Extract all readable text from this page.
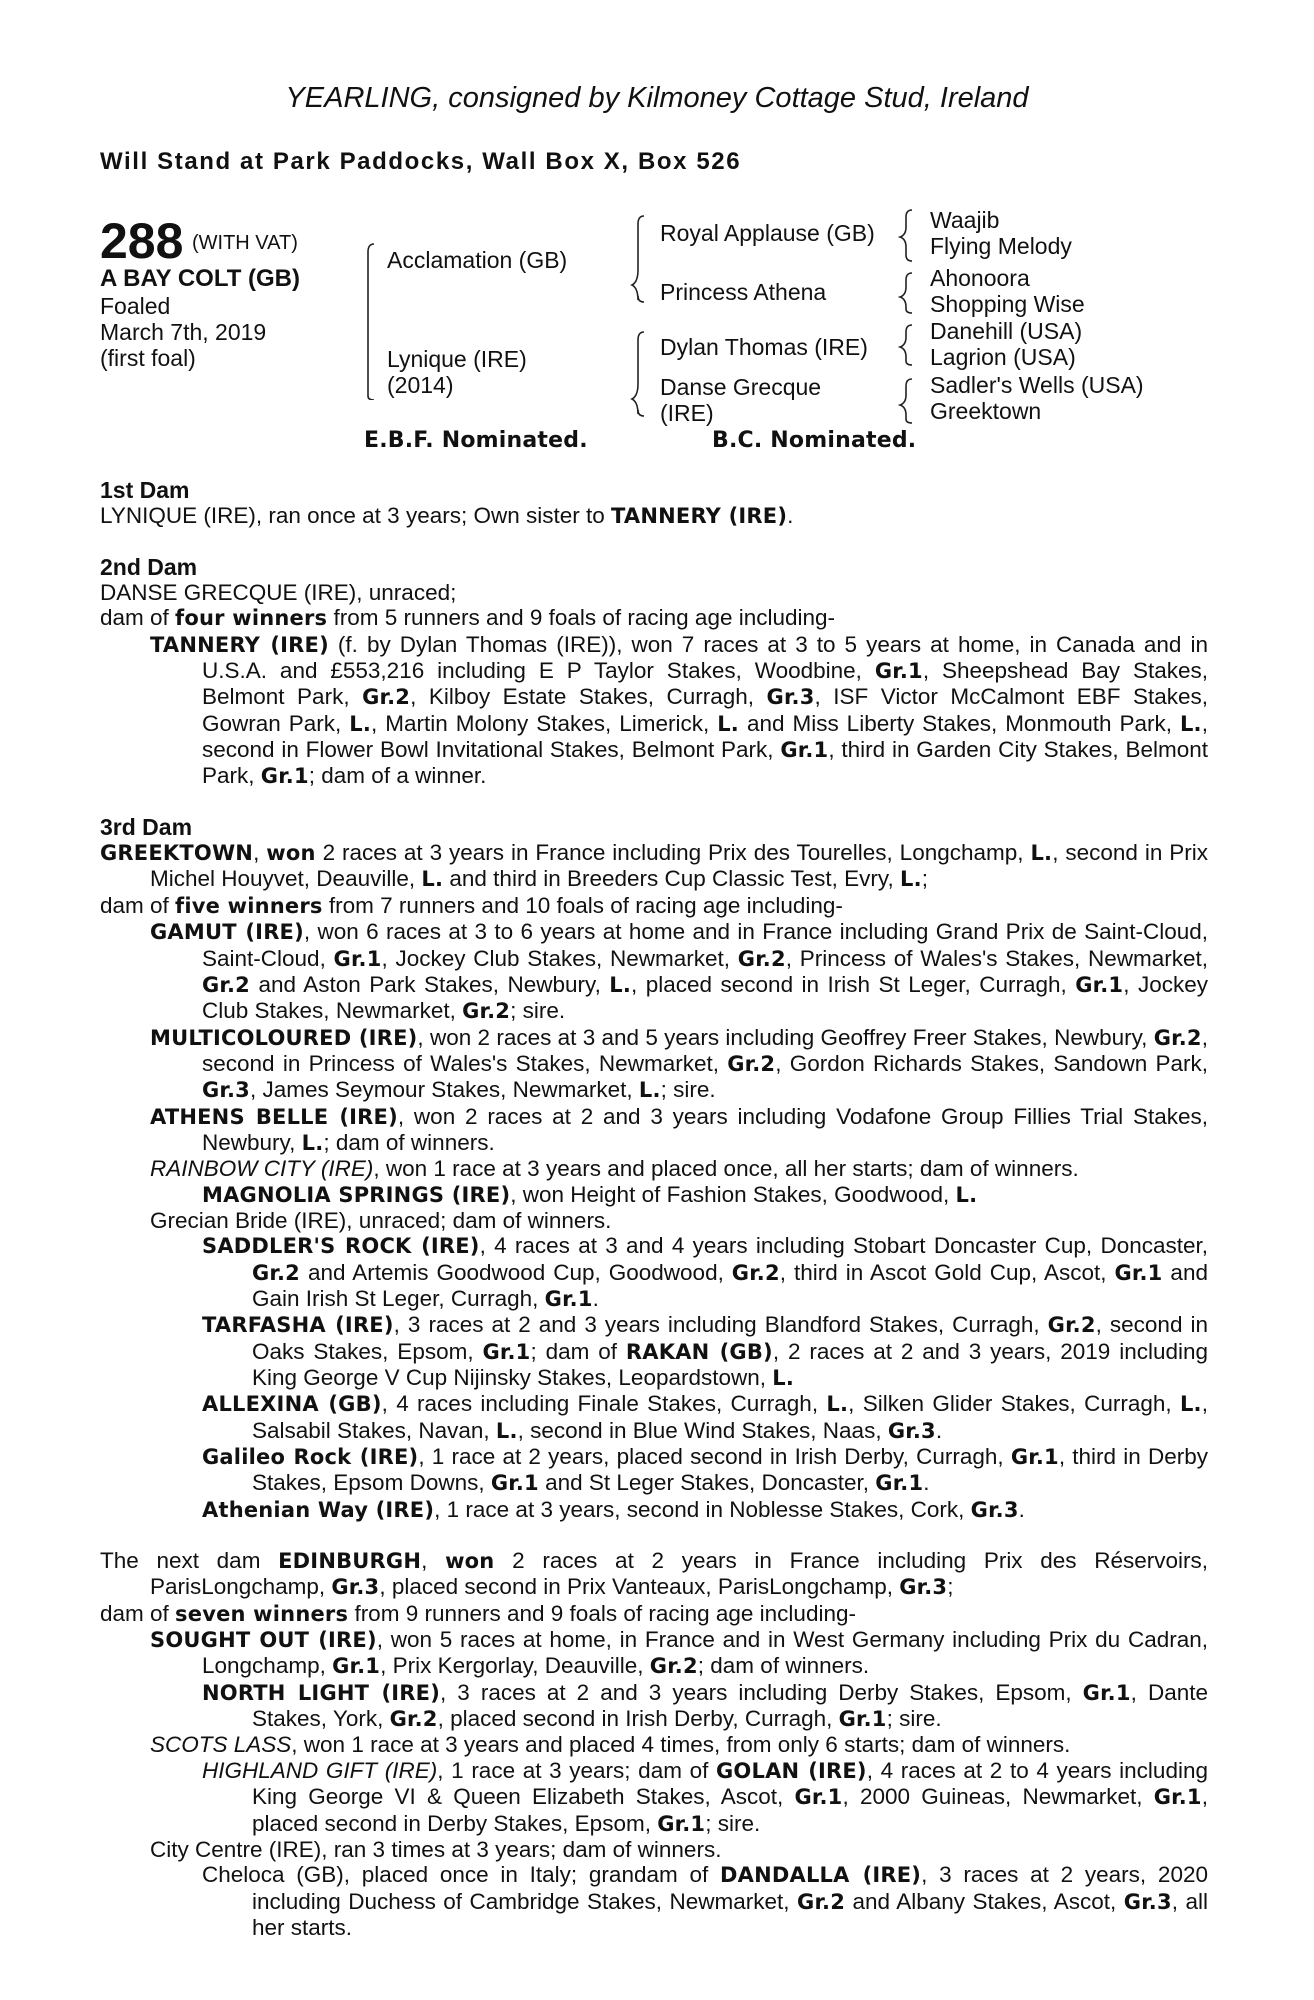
YEARLING, consigned by Kilmoney Cottage Stud, Ireland
Will Stand at Park Paddocks, Wall Box X, Box 526
288 (WITH VAT)
A BAY COLT (GB)
Foaled
March 7th, 2019
(first foal)
Acclamation (GB)
Lynique (IRE)
(2014)
Royal Applause (GB)
Princess Athena
Dylan Thomas (IRE)
Danse Grecque
(IRE)
Waajib
Flying Melody
Ahonoora
Shopping Wise
Danehill (USA)
Lagrion (USA)
Sadler's Wells (USA)
Greektown
E.B.F. Nominated.	B.C. Nominated.
1st Dam

LYNIQUE (IRE), ran once at 3 years; Own sister to TANNERY (IRE).

2nd Dam

DANSE GRECQUE (IRE), unraced;

dam of four winners from 5 runners and 9 foals of racing age including-

TANNERY (IRE) (f. by Dylan Thomas (IRE)), won 7 races at 3 to 5 years at home, in Canada and in U.S.A. and £553,216 including E P Taylor Stakes, Woodbine, Gr.1, Sheepshead Bay Stakes, Belmont Park, Gr.2, Kilboy Estate Stakes, Curragh, Gr.3, ISF Victor McCalmont EBF Stakes, Gowran Park, L., Martin Molony Stakes, Limerick, L. and Miss Liberty Stakes, Monmouth Park, L., second in Flower Bowl Invitational Stakes, Belmont Park, Gr.1, third in Garden City Stakes, Belmont Park, Gr.1; dam of a winner.

3rd Dam

GREEKTOWN, won 2 races at 3 years in France including Prix des Tourelles, Longchamp, L., second in Prix Michel Houyvet, Deauville, L. and third in Breeders Cup Classic Test, Evry, L.;

dam of five winners from 7 runners and 10 foals of racing age including-

GAMUT (IRE), won 6 races at 3 to 6 years at home and in France including Grand Prix de Saint-Cloud, Saint-Cloud, Gr.1, Jockey Club Stakes, Newmarket, Gr.2, Princess of Wales's Stakes, Newmarket, Gr.2 and Aston Park Stakes, Newbury, L., placed second in Irish St Leger, Curragh, Gr.1, Jockey Club Stakes, Newmarket, Gr.2; sire.

MULTICOLOURED (IRE), won 2 races at 3 and 5 years including Geoffrey Freer Stakes, Newbury, Gr.2, second in Princess of Wales's Stakes, Newmarket, Gr.2, Gordon Richards Stakes, Sandown Park, Gr.3, James Seymour Stakes, Newmarket, L.; sire.

ATHENS BELLE (IRE), won 2 races at 2 and 3 years including Vodafone Group Fillies Trial Stakes, Newbury, L.; dam of winners.

RAINBOW CITY (IRE), won 1 race at 3 years and placed once, all her starts; dam of winners.

MAGNOLIA SPRINGS (IRE), won Height of Fashion Stakes, Goodwood, L.

Grecian Bride (IRE), unraced; dam of winners.

SADDLER'S ROCK (IRE), 4 races at 3 and 4 years including Stobart Doncaster Cup, Doncaster, Gr.2 and Artemis Goodwood Cup, Goodwood, Gr.2, third in Ascot Gold Cup, Ascot, Gr.1 and Gain Irish St Leger, Curragh, Gr.1.

TARFASHA (IRE), 3 races at 2 and 3 years including Blandford Stakes, Curragh, Gr.2, second in Oaks Stakes, Epsom, Gr.1; dam of RAKAN (GB), 2 races at 2 and 3 years, 2019 including King George V Cup Nijinsky Stakes, Leopardstown, L.

ALLEXINA (GB), 4 races including Finale Stakes, Curragh, L., Silken Glider Stakes, Curragh, L., Salsabil Stakes, Navan, L., second in Blue Wind Stakes, Naas, Gr.3.

Galileo Rock (IRE), 1 race at 2 years, placed second in Irish Derby, Curragh, Gr.1, third in Derby Stakes, Epsom Downs, Gr.1 and St Leger Stakes, Doncaster, Gr.1.

Athenian Way (IRE), 1 race at 3 years, second in Noblesse Stakes, Cork, Gr.3.

The next dam EDINBURGH, won 2 races at 2 years in France including Prix des Réservoirs, ParisLongchamp, Gr.3, placed second in Prix Vanteaux, ParisLongchamp, Gr.3;

dam of seven winners from 9 runners and 9 foals of racing age including-

SOUGHT OUT (IRE), won 5 races at home, in France and in West Germany including Prix du Cadran, Longchamp, Gr.1, Prix Kergorlay, Deauville, Gr.2; dam of winners.

NORTH LIGHT (IRE), 3 races at 2 and 3 years including Derby Stakes, Epsom, Gr.1, Dante Stakes, York, Gr.2, placed second in Irish Derby, Curragh, Gr.1; sire.

SCOTS LASS, won 1 race at 3 years and placed 4 times, from only 6 starts; dam of winners.

HIGHLAND GIFT (IRE), 1 race at 3 years; dam of GOLAN (IRE), 4 races at 2 to 4 years including King George VI & Queen Elizabeth Stakes, Ascot, Gr.1, 2000 Guineas, Newmarket, Gr.1, placed second in Derby Stakes, Epsom, Gr.1; sire.

City Centre (IRE), ran 3 times at 3 years; dam of winners.

Cheloca (GB), placed once in Italy; grandam of DANDALLA (IRE), 3 races at 2 years, 2020 including Duchess of Cambridge Stakes, Newmarket, Gr.2 and Albany Stakes, Ascot, Gr.3, all her starts.
